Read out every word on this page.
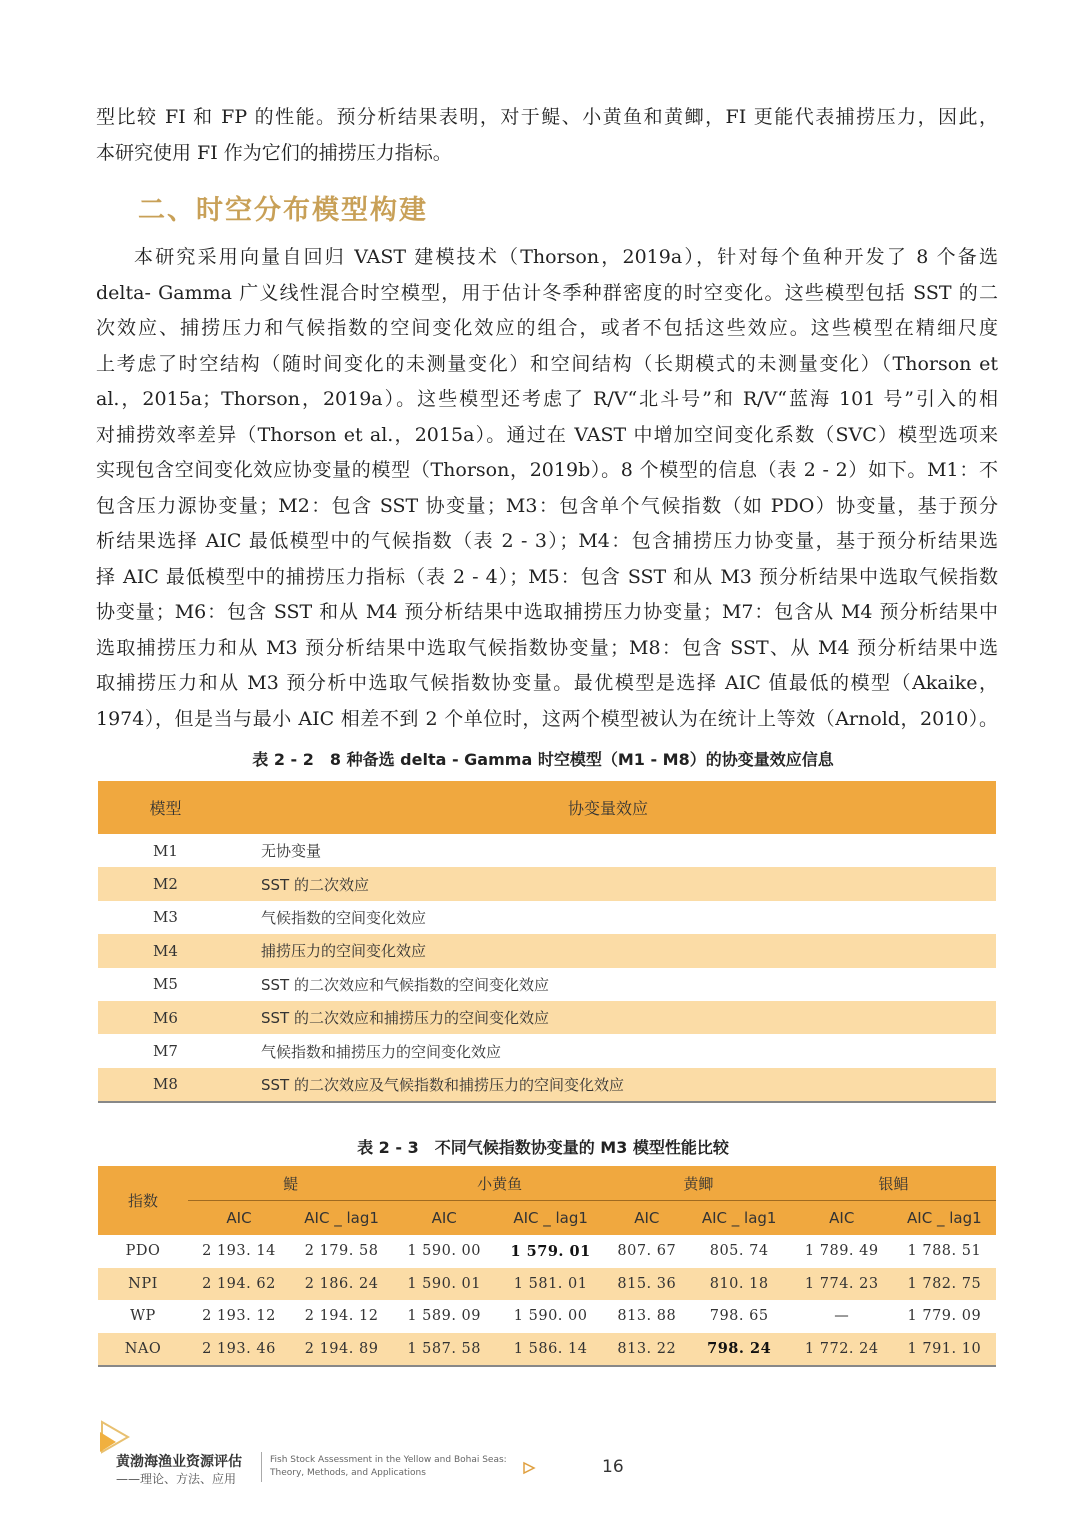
型比较 FI 和 FP 的性能。预分析结果表明，对于鳀、小黄鱼和黄鲫，FI 更能代表捕捞压力，因此，
本研究使用 FI 作为它们的捕捞压力指标。
二、时空分布模型构建
本研究采用向量自回归 VAST 建模技术（Thorson，2019a），针对每个鱼种开发了 8 个备选
delta- Gamma 广义线性混合时空模型，用于估计冬季种群密度的时空变化。这些模型包括 SST 的二
次效应、捕捞压力和气候指数的空间变化效应的组合，或者不包括这些效应。这些模型在精细尺度
上考虑了时空结构（随时间变化的未测量变化）和空间结构（长期模式的未测量变化）（Thorson et
al.，2015a；Thorson，2019a）。这些模型还考虑了 R/V“北斗号”和 R/V“蓝海 101 号”引入的相
对捕捞效率差异（Thorson et al.，2015a）。通过在 VAST 中增加空间变化系数（SVC）模型选项来
实现包含空间变化效应协变量的模型（Thorson，2019b）。8 个模型的信息（表 2 - 2）如下。M1：不
包含压力源协变量；M2：包含 SST 协变量；M3：包含单个气候指数（如 PDO）协变量，基于预分
析结果选择 AIC 最低模型中的气候指数（表 2 - 3）；M4：包含捕捞压力协变量，基于预分析结果选
择 AIC 最低模型中的捕捞压力指标（表 2 - 4）；M5：包含 SST 和从 M3 预分析结果中选取气候指数
协变量；M6：包含 SST 和从 M4 预分析结果中选取捕捞压力协变量；M7：包含从 M4 预分析结果中
选取捕捞压力和从 M3 预分析结果中选取气候指数协变量；M8：包含 SST、从 M4 预分析结果中选
取捕捞压力和从 M3 预分析中选取气候指数协变量。最优模型是选择 AIC 值最低的模型（Akaike，
1974），但是当与最小 AIC 相差不到 2 个单位时，这两个模型被认为在统计上等效（Arnold，2010）。
表 2 - 2　8 种备选 delta - Gamma 时空模型（M1 - M8）的协变量效应信息
模型	协变量效应
M1	无协变量
M2	SST 的二次效应
M3	气候指数的空间变化效应
M4	捕捞压力的空间变化效应
M5	SST 的二次效应和气候指数的空间变化效应
M6	SST 的二次效应和捕捞压力的空间变化效应
M7	气候指数和捕捞压力的空间变化效应
M8	SST 的二次效应及气候指数和捕捞压力的空间变化效应
表 2 - 3　不同气候指数协变量的 M3 模型性能比较
指数	鳀		小黄鱼		黄鲫		银鲳	
	AIC	AIC _ lag1	AIC	AIC _ lag1	AIC	AIC _ lag1	AIC	AIC _ lag1
PDO	2 193. 14	2 179. 58	1 590. 00	1 579. 01	807. 67	805. 74	1 789. 49	1 788. 51
NPI	2 194. 62	2 186. 24	1 590. 01	1 581. 01	815. 36	810. 18	1 774. 23	1 782. 75
WP	2 193. 12	2 194. 12	1 589. 09	1 590. 00	813. 88	798. 65	—	1 779. 09
NAO	2 193. 46	2 194. 89	1 587. 58	1 586. 14	813. 22	798. 24	1 772. 24	1 791. 10
黄渤海渔业资源评估
——理论、方法、应用
Fish Stock Assessment in the Yellow and Bohai Seas:
Theory, Methods, and Applications	16
